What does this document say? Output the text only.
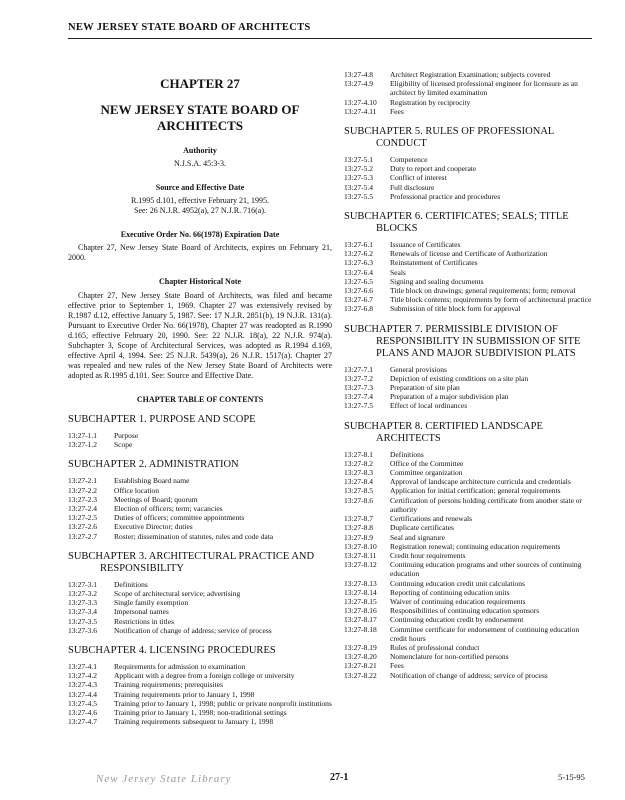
NEW JERSEY STATE BOARD OF ARCHITECTS
CHAPTER 27
NEW JERSEY STATE BOARD OF ARCHITECTS
Authority
N.J.S.A. 45:3-3.
Source and Effective Date
R.1995 d.101, effective February 21, 1995.
See: 26 N.J.R. 4952(a), 27 N.J.R. 716(a).
Executive Order No. 66(1978) Expiration Date
Chapter 27, New Jersey State Board of Architects, expires on February 21, 2000.
Chapter Historical Note
Chapter 27, New Jersey State Board of Architects, was filed and became effective prior to September 1, 1969. Chapter 27 was extensively revised by R.1987 d.12, effective January 5, 1987. See: 17 N.J.R. 2851(b), 19 N.J.R. 131(a). Pursuant to Executive Order No. 66(1978), Chapter 27 was readopted as R.1990 d.165, effective February 20, 1990. See: 22 N.J.R. 18(a), 22 N.J.R. 974(a). Subchapter 3, Scope of Architectural Services, was adopted as R.1994 d.169, effective April 4, 1994. See: 25 N.J.R. 5439(a), 26 N.J.R. 1517(a). Chapter 27 was repealed and new rules of the New Jersey State Board of Architects were adopted as R.1995 d.101. See: Source and Effective Date.
CHAPTER TABLE OF CONTENTS
SUBCHAPTER 1. PURPOSE AND SCOPE
13:27-1.1	Purpose
13:27-1.2	Scope
SUBCHAPTER 2. ADMINISTRATION
13:27-2.1	Establishing Board name
13:27-2.2	Office location
13:27-2.3	Meetings of Board; quorum
13:27-2.4	Election of officers; term; vacancies
13:27-2.5	Duties of officers; committee appointments
13:27-2.6	Executive Director; duties
13:27-2.7	Roster; dissemination of statutes, rules and code data
SUBCHAPTER 3. ARCHITECTURAL PRACTICE AND
RESPONSIBILITY
13:27-3.1	Definitions
13:27-3.2	Scope of architectural service; advertising
13:27-3.3	Single family exemption
13:27-3.4	Impersonal names
13:27-3.5	Restrictions in titles
13:27-3.6	Notification of change of address; service of process
SUBCHAPTER 4. LICENSING PROCEDURES
13:27-4.1	Requirements for admission to examination
13:27-4.2	Applicant with a degree from a foreign college or university
13:27-4.3	Training requirements; prerequisites
13:27-4.4	Training requirements prior to January 1, 1998
13:27-4.5	Training prior to January 1, 1998; public or private nonprofit institutions
13:27-4.6	Training prior to January 1, 1998; non-traditional settings
13:27-4.7	Training requirements subsequent to January 1, 1998
13:27-4.8	Architect Registration Examination; subjects covered
13:27-4.9	Eligibility of licensed professional engineer for licensure as an architect by limited examination
13:27-4.10	Registration by reciprocity
13:27-4.11	Fees
SUBCHAPTER 5. RULES OF PROFESSIONAL
CONDUCT
13:27-5.1	Competence
13:27-5.2	Duty to report and cooperate
13:27-5.3	Conflict of interest
13:27-5.4	Full disclosure
13:27-5.5	Professional practice and procedures
SUBCHAPTER 6. CERTIFICATES; SEALS; TITLE
BLOCKS
13:27-6.1	Issuance of Certificates
13:27-6.2	Renewals of license and Certificate of Authorization
13:27-6.3	Reinstatement of Certificates
13:27-6.4	Seals
13:27-6.5	Signing and sealing documents
13:27-6.6	Title block on drawings; general requirements; form; removal
13:27-6.7	Title block contents; requirements by form of architectural practice
13:27-6.8	Submission of title block form for approval
SUBCHAPTER 7. PERMISSIBLE DIVISION OF
RESPONSIBILITY IN SUBMISSION OF SITE PLANS AND MAJOR SUBDIVISION PLATS
13:27-7.1	General provisions
13:27-7.2	Depiction of existing conditions on a site plan
13:27-7.3	Preparation of site plan
13:27-7.4	Preparation of a major subdivision plan
13:27-7.5	Effect of local ordinances
SUBCHAPTER 8. CERTIFIED LANDSCAPE
ARCHITECTS
13:27-8.1	Definitions
13:27-8.2	Office of the Committee
13:27-8.3	Committee organization
13:27-8.4	Approval of landscape architecture curricula and credentials
13:27-8.5	Application for initial certification; general requirements
13:27-8.6	Certification of persons holding certificate from another state or authority
13:27-8.7	Certifications and renewals
13:27-8.8	Duplicate certificates
13:27-8.9	Seal and signature
13:27-8.10	Registration renewal; continuing education requirements
13:27-8.11	Credit hour requirements
13:27-8.12	Continuing education programs and other sources of continuing education
13:27-8.13	Continuing education credit unit calculations
13:27-8.14	Reporting of continuing education units
13:27-8.15	Waiver of continuing education requirements
13:27-8.16	Responsibilities of continuing education sponsors
13:27-8.17	Continuing education credit by endorsement
13:27-8.18	Committee certificate for endorsement of continuing education credit hours
13:27-8.19	Rules of professional conduct
13:27-8.20	Nomenclature for non-certified persons
13:27-8.21	Fees
13:27-8.22	Notification of change of address; service of process
New Jersey State Library	27-1	5-15-95
